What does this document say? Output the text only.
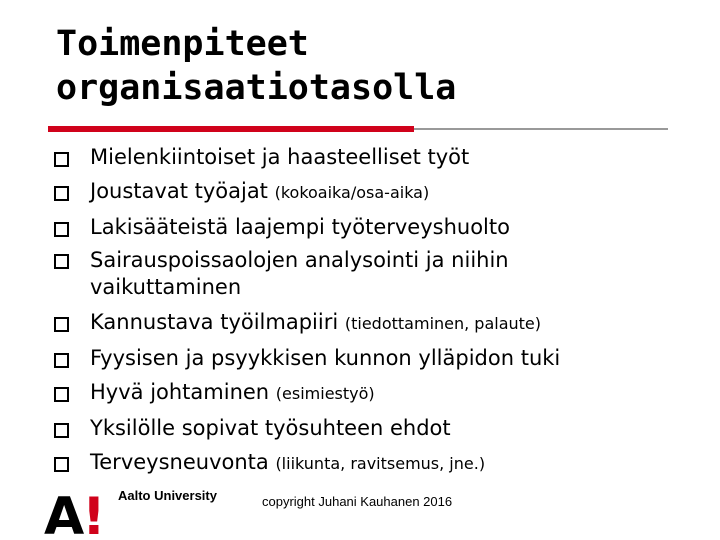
Toimenpiteet
organisaatiotasolla
Mielenkiintoiset ja haasteelliset työt
Joustavat työajat (kokoaika/osa-aika)
Lakisääteistä laajempi työterveyshuolto
Sairauspoissaolojen analysointi ja niihin
vaikuttaminen
Kannustava työilmapiiri (tiedottaminen, palaute)
Fyysisen ja psyykkisen kunnon ylläpidon tuki
Hyvä johtaminen (esimiestyö)
Yksilölle sopivat työsuhteen ehdot
Terveysneuvonta (liikunta, ravitsemus, jne.)
A
! Aalto University	copyright Juhani Kauhanen 2016
